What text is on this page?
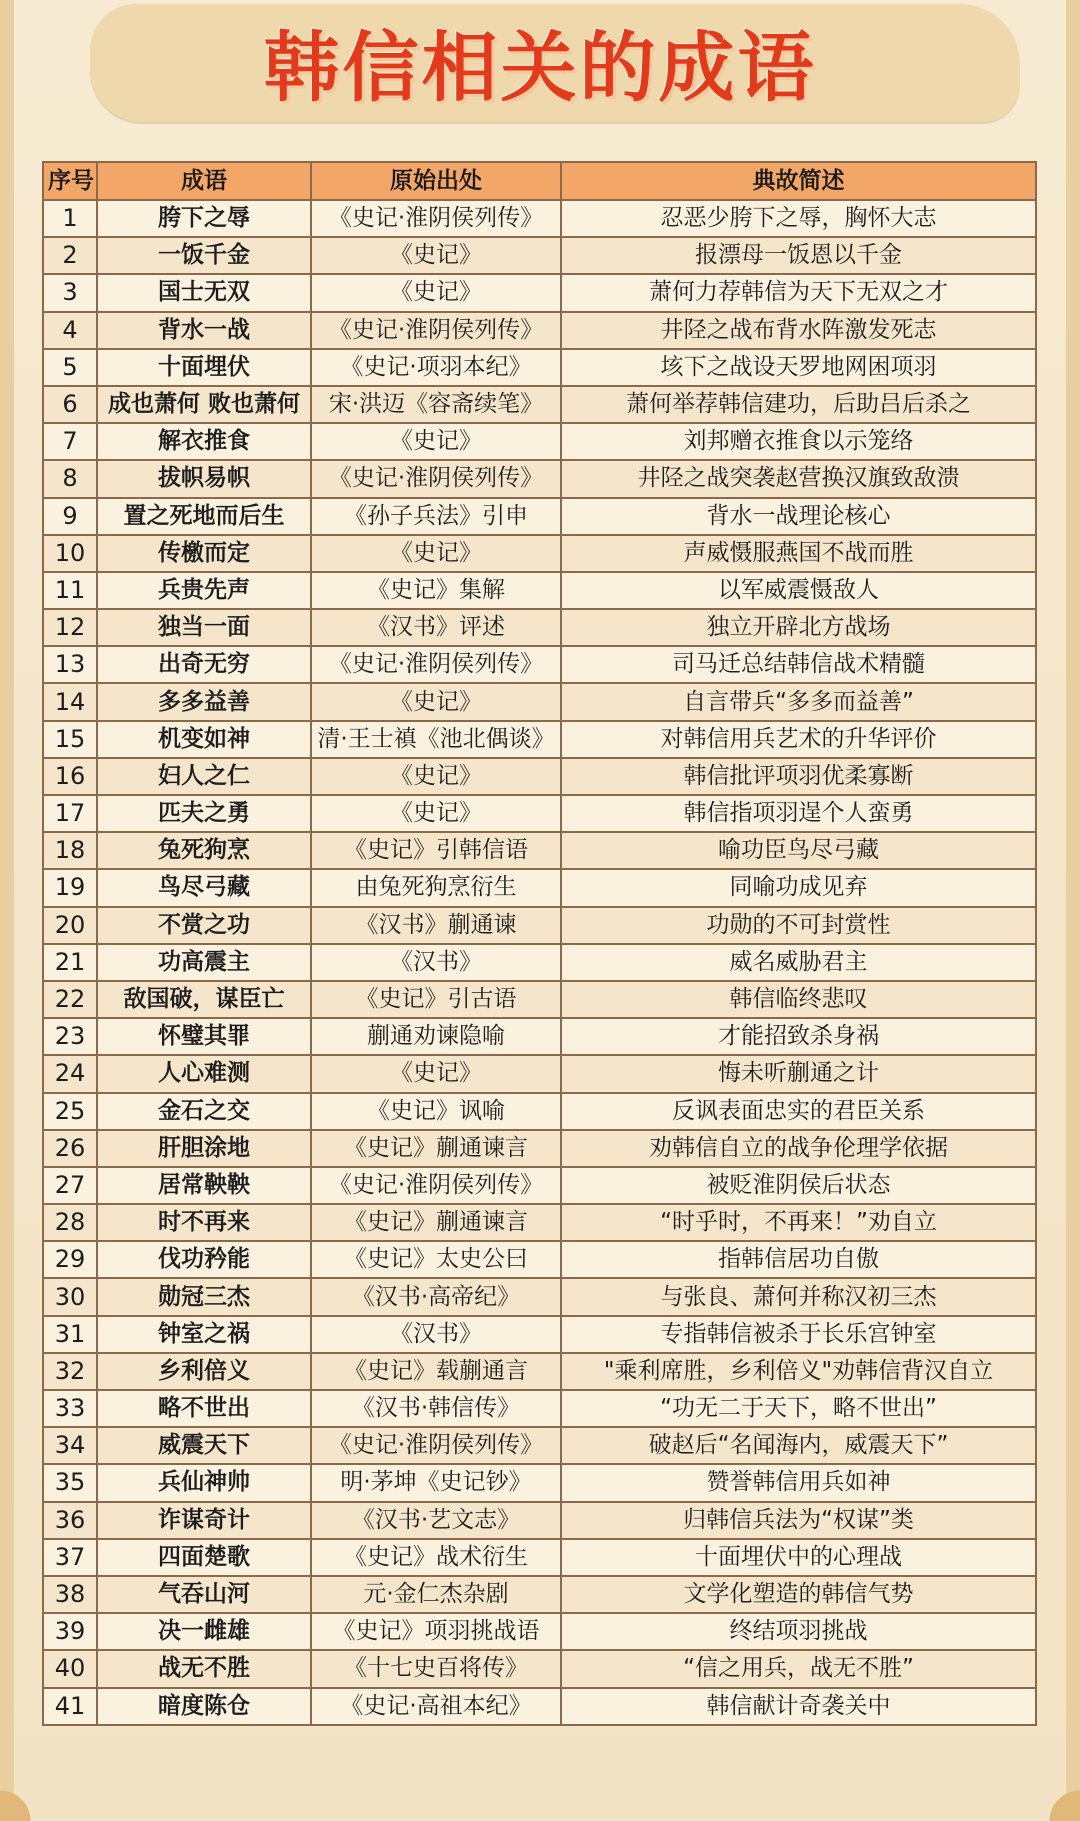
韩信相关的成语
序号	成语	原始出处	典故简述
1	胯下之辱	《史记·淮阴侯列传》	忍恶少胯下之辱，胸怀大志
2	一饭千金	《史记》	报漂母一饭恩以千金
3	国士无双	《史记》	萧何力荐韩信为天下无双之才
4	背水一战	《史记·淮阴侯列传》	井陉之战布背水阵激发死志
5	十面埋伏	《史记·项羽本纪》	垓下之战设天罗地网困项羽
6	成也萧何 败也萧何	宋·洪迈《容斋续笔》	萧何举荐韩信建功，后助吕后杀之
7	解衣推食	《史记》	刘邦赠衣推食以示笼络
8	拔帜易帜	《史记·淮阴侯列传》	井陉之战突袭赵营换汉旗致敌溃
9	置之死地而后生	《孙子兵法》引申	背水一战理论核心
10	传檄而定	《史记》	声威慑服燕国不战而胜
11	兵贵先声	《史记》集解	以军威震慑敌人
12	独当一面	《汉书》评述	独立开辟北方战场
13	出奇无穷	《史记·淮阴侯列传》	司马迁总结韩信战术精髓
14	多多益善	《史记》	自言带兵“多多而益善”
15	机变如神	清·王士禛《池北偶谈》	对韩信用兵艺术的升华评价
16	妇人之仁	《史记》	韩信批评项羽优柔寡断
17	匹夫之勇	《史记》	韩信指项羽逞个人蛮勇
18	兔死狗烹	《史记》引韩信语	喻功臣鸟尽弓藏
19	鸟尽弓藏	由兔死狗烹衍生	同喻功成见弃
20	不赏之功	《汉书》蒯通谏	功勋的不可封赏性
21	功高震主	《汉书》	威名威胁君主
22	敌国破，谋臣亡	《史记》引古语	韩信临终悲叹
23	怀璧其罪	蒯通劝谏隐喻	才能招致杀身祸
24	人心难测	《史记》	悔未听蒯通之计
25	金石之交	《史记》讽喻	反讽表面忠实的君臣关系
26	肝胆涂地	《史记》蒯通谏言	劝韩信自立的战争伦理学依据
27	居常鞅鞅	《史记·淮阴侯列传》	被贬淮阴侯后状态
28	时不再来	《史记》蒯通谏言	“时乎时，不再来！”劝自立
29	伐功矜能	《史记》太史公曰	指韩信居功自傲
30	勋冠三杰	《汉书·高帝纪》	与张良、萧何并称汉初三杰
31	钟室之祸	《汉书》	专指韩信被杀于长乐宫钟室
32	乡利倍义	《史记》载蒯通言	"乘利席胜，乡利倍义"劝韩信背汉自立
33	略不世出	《汉书·韩信传》	“功无二于天下，略不世出”
34	威震天下	《史记·淮阴侯列传》	破赵后“名闻海内，威震天下”
35	兵仙神帅	明·茅坤《史记钞》	赞誉韩信用兵如神
36	诈谋奇计	《汉书·艺文志》	归韩信兵法为“权谋”类
37	四面楚歌	《史记》战术衍生	十面埋伏中的心理战
38	气吞山河	元·金仁杰杂剧	文学化塑造的韩信气势
39	决一雌雄	《史记》项羽挑战语	终结项羽挑战
40	战无不胜	《十七史百将传》	“信之用兵，战无不胜”
41	暗度陈仓	《史记·高祖本纪》	韩信献计奇袭关中
